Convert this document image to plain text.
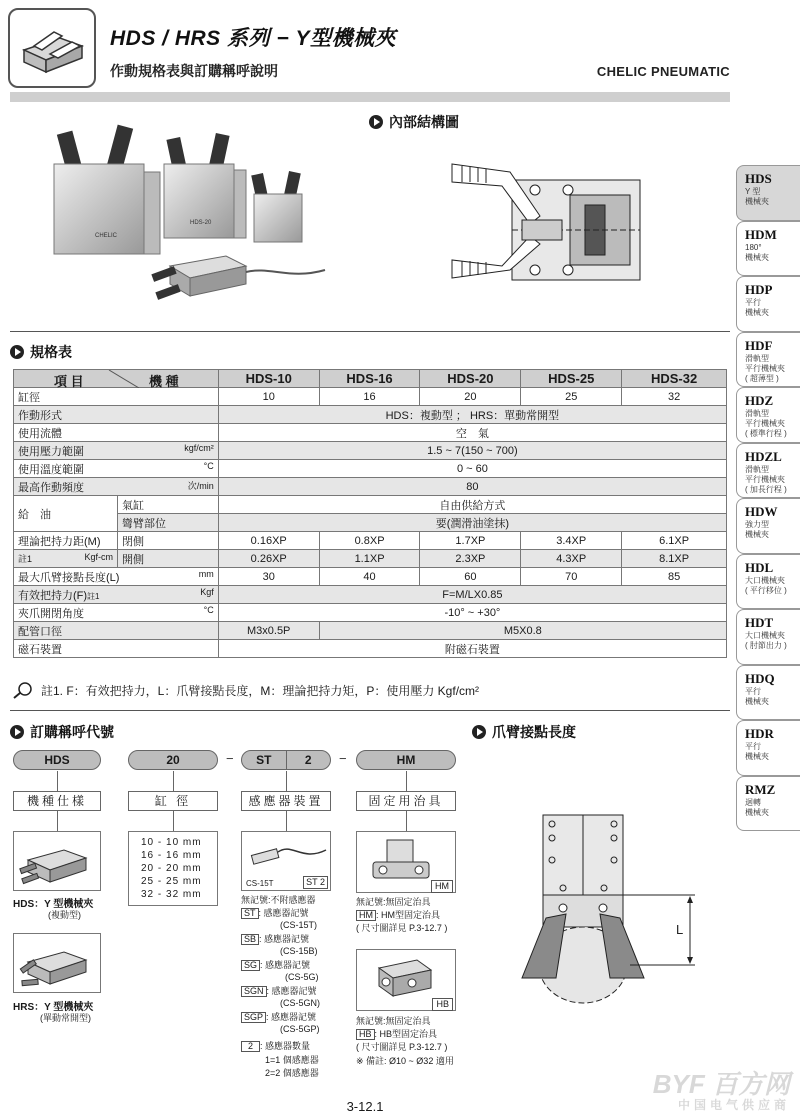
HDS / HRS 系列 − Y型機械夾
作動規格表與訂購稱呼說明	CHELIC PNEUMATIC
CHELIC
HDS-20
內部結構圖
HDS
Y 型
機械夾
HDM
180°
機械夾
HDP
平行
機械夾
HDF
滑軌型
平行機械夾
( 超薄型 )
HDZ
滑軌型
平行機械夾
( 標準行程 )
HDZL
滑軌型
平行機械夾
( 加長行程 )
HDW
強力型
機械夾
HDL
大口機械夾
( 平行移位 )
HDT
大口機械夾
( 肘節出力 )
HDQ
平行
機械夾
HDR
平行
機械夾
RMZ
迴轉
機械夾
規格表
項 目 機 種		HDS-10	HDS-16	HDS-20	HDS-25	HDS-32
缸徑		10	16	20	25	32
作動形式		HDS：複動型 ； HRS：單動常開型				
使用流體		空　氣				
使用壓力範圍 kgf/cm²		1.5 ~ 7(150 ~ 700)				
使用溫度範圍 °C		0 ~ 60				
最高作動頻度 次/min		80				
給　油	氣缸	自由供給方式				
	彎臂部位	要(潤滑油塗抹)				
理論把持力距(M)	閉側	0.16XP	0.8XP	1.7XP	3.4XP	6.1XP
註1 Kgf-cm	開側	0.26XP	1.1XP	2.3XP	4.3XP	8.1XP
最大爪臂接點長度(L) mm		30	40	60	70	85
有效把持力(F)註1 Kgf		F=M/LX0.85				
夾爪開閉角度 °C		-10° ~ +30°				
配管口徑		M3x0.5P	M5X0.8			
磁石裝置		附磁石裝置				
註1. F：有效把持力，L：爪臂接點長度，M：理論把持力矩，P：使用壓力 Kgf/cm²
訂購稱呼代號
HDS	20	−	ST	2	−	HM
機種仕樣	缸 徑	感應器裝置	固定用治具
HDS：Y 型機械夾
(複動型)
HRS：Y 型機械夾
(單動常開型)
10 - 10 mm
16 - 16 mm
20 - 20 mm
25 - 25 mm
32 - 32 mm
CS-15T	ST 2
無記號:不附感應器
ST : 感應器記號
(CS-15T)
SB : 感應器記號
(CS-15B)
SG : 感應器記號
(CS-5G)
SGN : 感應器記號
(CS-5GN)
SGP : 感應器記號
(CS-5GP)
2 : 感應器數量
1=1 個感應器
2=2 個感應器
HM
無記號:無固定治具
HM : HM型固定治具
( 尺寸圖詳見 P.3-12.7 )
HB
無記號:無固定治具
HB : HB型固定治具
( 尺寸圖詳見 P.3-12.7 )
※ 備註: Ø10 ~ Ø32 適用
爪臂接點長度
L
3-12.1
BYF 百方网
中国电气供应商
